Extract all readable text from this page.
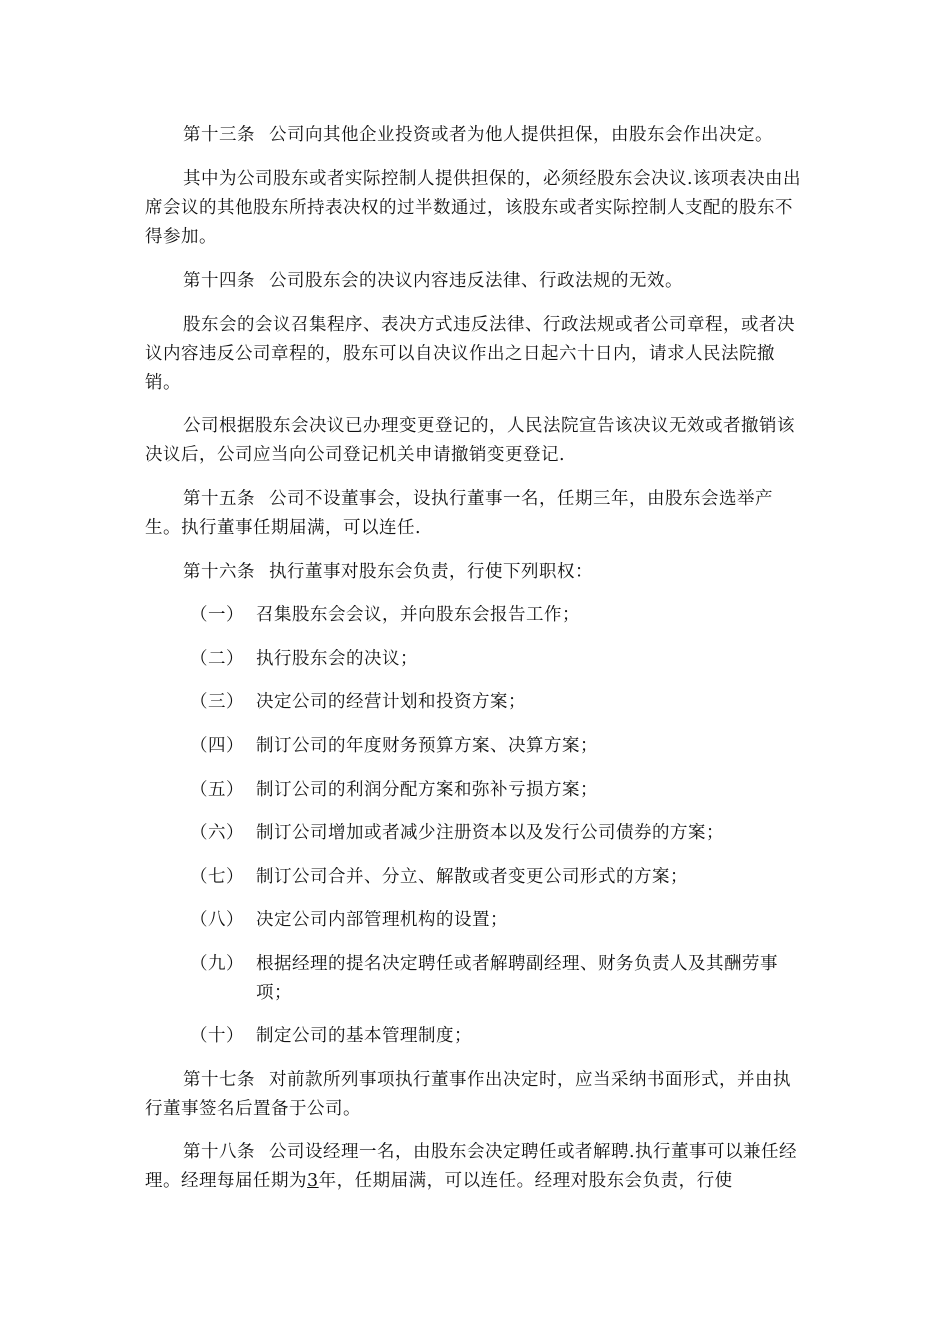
第十三条 公司向其他企业投资或者为他人提供担保，由股东会作出决定。

其中为公司股东或者实际控制人提供担保的，必须经股东会决议.该项表决由出席会议的其他股东所持表决权的过半数通过，该股东或者实际控制人支配的股东不得参加。

第十四条 公司股东会的决议内容违反法律、行政法规的无效。

股东会的会议召集程序、表决方式违反法律、行政法规或者公司章程，或者决议内容违反公司章程的，股东可以自决议作出之日起六十日内，请求人民法院撤销。

公司根据股东会决议已办理变更登记的，人民法院宣告该决议无效或者撤销该决议后，公司应当向公司登记机关申请撤销变更登记.

第十五条 公司不设董事会，设执行董事一名，任期三年，由股东会选举产生。执行董事任期届满，可以连任.

第十六条 执行董事对股东会负责，行使下列职权：

（一） 召集股东会会议，并向股东会报告工作；
（二） 执行股东会的决议；
（三） 决定公司的经营计划和投资方案；
（四） 制订公司的年度财务预算方案、决算方案；
（五） 制订公司的利润分配方案和弥补亏损方案；
（六） 制订公司增加或者减少注册资本以及发行公司债券的方案；
（七） 制订公司合并、分立、解散或者变更公司形式的方案；
（八） 决定公司内部管理机构的设置；
（九） 根据经理的提名决定聘任或者解聘副经理、财务负责人及其酬劳事项；
（十） 制定公司的基本管理制度；

第十七条 对前款所列事项执行董事作出决定时，应当采纳书面形式，并由执行董事签名后置备于公司。

第十八条 公司设经理一名，由股东会决定聘任或者解聘.执行董事可以兼任经理。经理每届任期为3年，任期届满，可以连任。经理对股东会负责，行使
